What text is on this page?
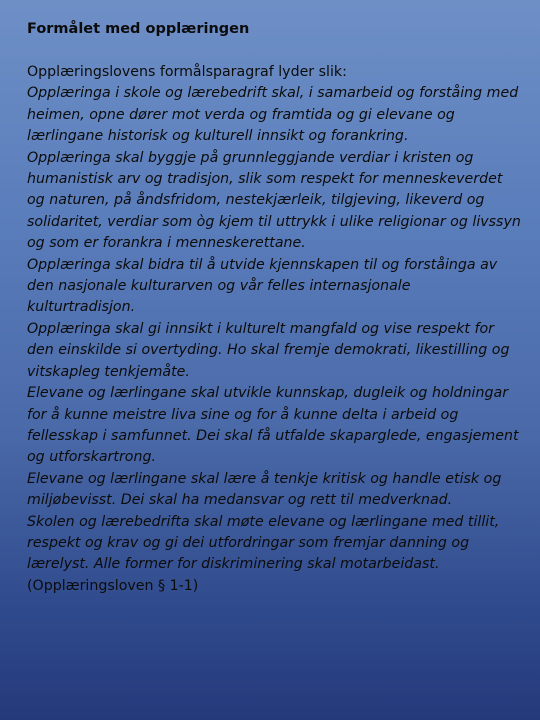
Formålet med opplæringen

Opplæringslovens formålsparagraf lyder slik:

Opplæringa i skole og lærebedrift skal, i samarbeid og forståing med heimen, opne dører mot verda og framtida og gi elevane og lærlingane historisk og kulturell innsikt og forankring.

Opplæringa skal byggje på grunnleggjande verdiar i kristen og humanistisk arv og tradisjon, slik som respekt for menneskeverdet og naturen, på åndsfridom, nestekjærleik, tilgjeving, likeverd og solidaritet, verdiar som òg kjem til uttrykk i ulike religionar og livssyn og som er forankra i menneskerettane.

Opplæringa skal bidra til å utvide kjennskapen til og forståinga av den nasjonale kulturarven og vår felles internasjonale kulturtradisjon.

Opplæringa skal gi innsikt i kulturelt mangfald og vise respekt for den einskilde si overtyding. Ho skal fremje demokrati, likestilling og vitskapleg tenkjemåte.

Elevane og lærlingane skal utvikle kunnskap, dugleik og holdningar for å kunne meistre liva sine og for å kunne delta i arbeid og fellesskap i samfunnet. Dei skal få utfalde skaparglede, engasjement og utforskartrong.

Elevane og lærlingane skal lære å tenkje kritisk og handle etisk og miljøbevisst. Dei skal ha medansvar og rett til medverknad.

Skolen og lærebedrifta skal møte elevane og lærlingane med tillit, respekt og krav og gi dei utfordringar som fremjar danning og lærelyst. Alle former for diskriminering skal motarbeidast.

(Opplæringsloven § 1-1)
